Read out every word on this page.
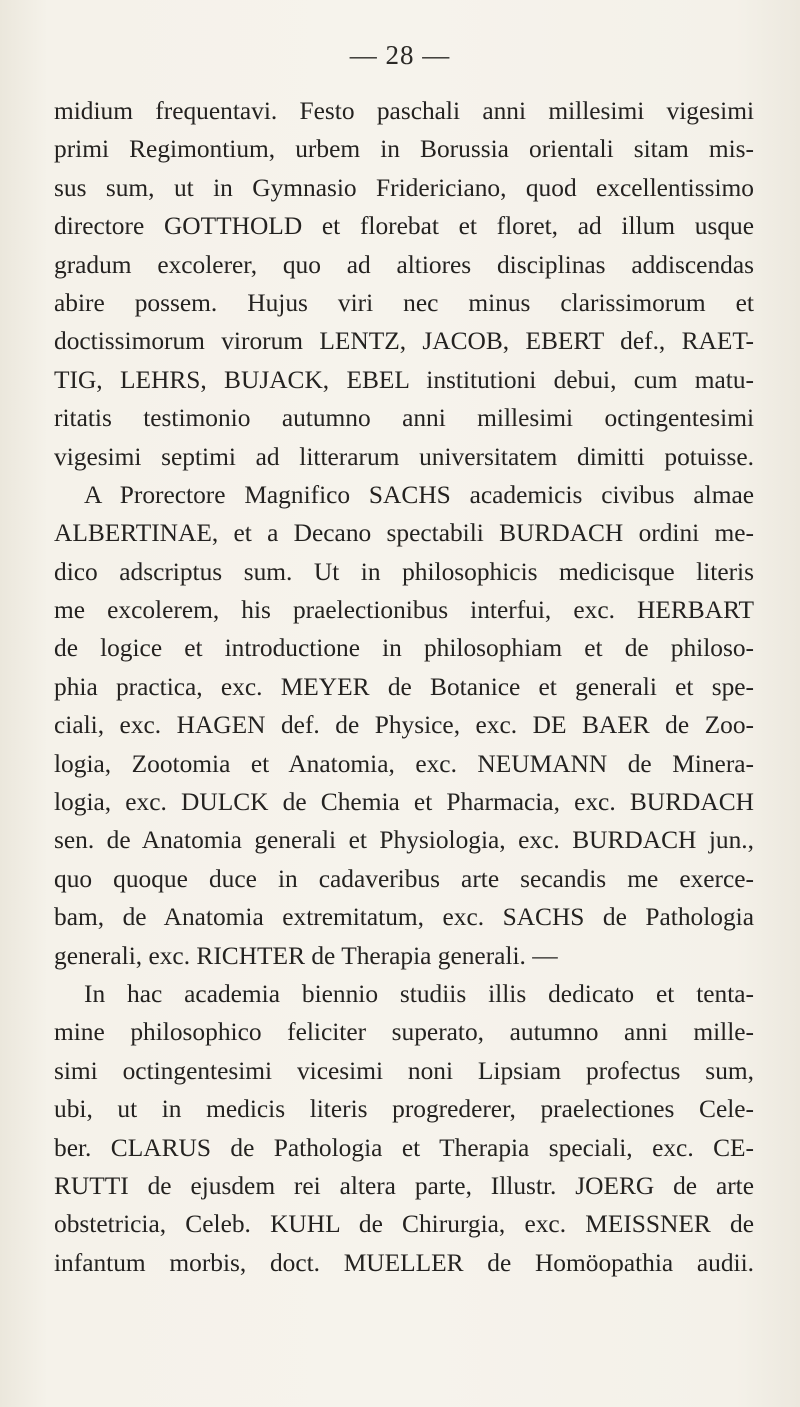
— 28 —
midium frequentavi. Festo paschali anni millesimi vigesimi
primi Regimontium, urbem in Borussia orientali sitam mis-
sus sum, ut in Gymnasio Fridericiano, quod excellentissimo
directore GOTTHOLD et florebat et floret, ad illum usque
gradum excolerer, quo ad altiores disciplinas addiscendas
abire possem. Hujus viri nec minus clarissimorum et
doctissimorum virorum LENTZ, JACOB, EBERT def., RAET-
TIG, LEHRS, BUJACK, EBEL institutioni debui, cum matu-
ritatis testimonio autumno anni millesimi octingentesimi
vigesimi septimi ad litterarum universitatem dimitti potuisse.
A Prorectore Magnifico SACHS academicis civibus almae
ALBERTINAE, et a Decano spectabili BURDACH ordini me-
dico adscriptus sum. Ut in philosophicis medicisque literis
me excolerem, his praelectionibus interfui, exc. HERBART
de logice et introductione in philosophiam et de philoso-
phia practica, exc. MEYER de Botanice et generali et spe-
ciali, exc. HAGEN def. de Physice, exc. DE BAER de Zoo-
logia, Zootomia et Anatomia, exc. NEUMANN de Minera-
logia, exc. DULCK de Chemia et Pharmacia, exc. BURDACH
sen. de Anatomia generali et Physiologia, exc. BURDACH jun.,
quo quoque duce in cadaveribus arte secandis me exerce-
bam, de Anatomia extremitatum, exc. SACHS de Pathologia
generali, exc. RICHTER de Therapia generali. —
In hac academia biennio studiis illis dedicato et tenta-
mine philosophico feliciter superato, autumno anni mille-
simi octingentesimi vicesimi noni Lipsiam profectus sum,
ubi, ut in medicis literis progrederer, praelectiones Cele-
ber. CLARUS de Pathologia et Therapia speciali, exc. CE-
RUTTI de ejusdem rei altera parte, Illustr. JOERG de arte
obstetricia, Celeb. KUHL de Chirurgia, exc. MEISSNER de
infantum morbis, doct. MUELLER de Homöopathia audii.
